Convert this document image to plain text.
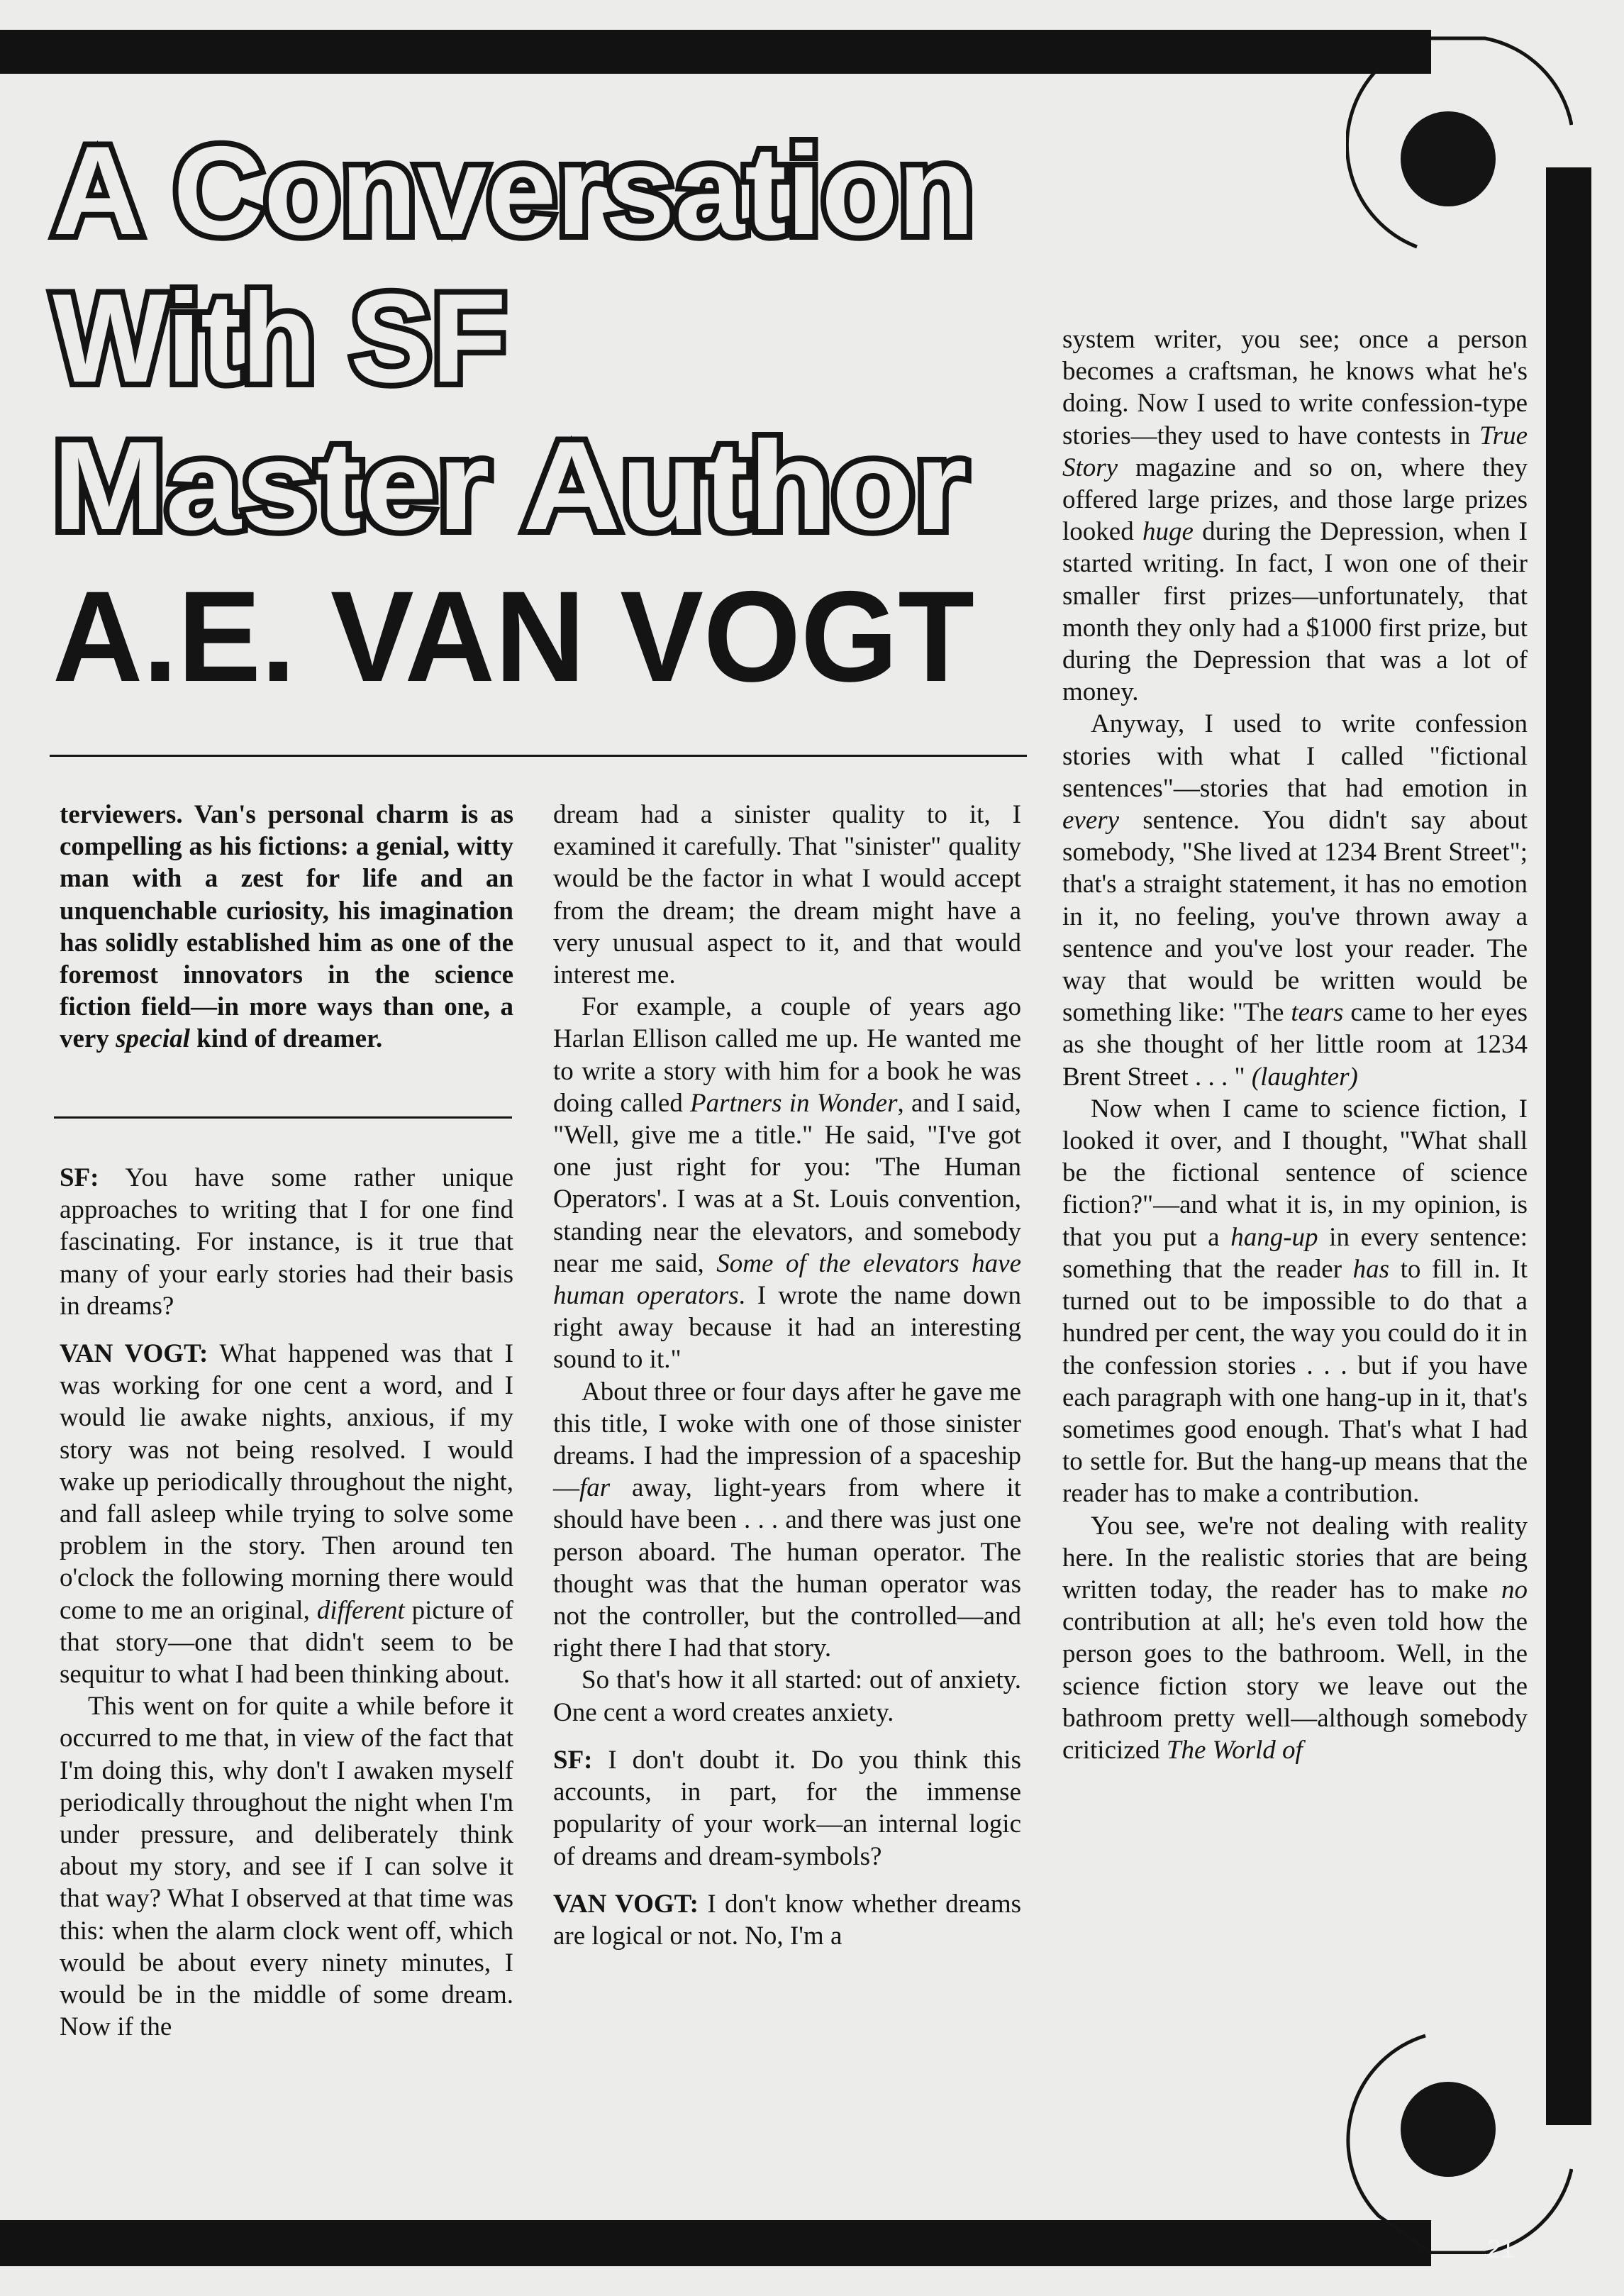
21
A Conversation
With SF
Master Author
A.E. VAN VOGT

terviewers. Van's personal charm is as compelling as his fictions: a genial, witty man with a zest for life and an unquenchable curiosity, his imagination has solidly established him as one of the foremost innovators in the science fiction field—in more ways than one, a very special kind of dreamer.

SF: You have some rather unique approaches to writing that I for one find fascinating. For instance, is it true that many of your early stories had their basis in dreams?

VAN VOGT: What happened was that I was working for one cent a word, and I would lie awake nights, anxious, if my story was not being resolved. I would wake up periodically throughout the night, and fall asleep while trying to solve some problem in the story. Then around ten o'clock the following morning there would come to me an original, different picture of that story—one that didn't seem to be sequitur to what I had been thinking about.

This went on for quite a while before it occurred to me that, in view of the fact that I'm doing this, why don't I awaken myself periodically throughout the night when I'm under pressure, and deliberately think about my story, and see if I can solve it that way? What I observed at that time was this: when the alarm clock went off, which would be about every ninety minutes, I would be in the middle of some dream. Now if the

dream had a sinister quality to it, I examined it carefully. That "sinister" quality would be the factor in what I would accept from the dream; the dream might have a very unusual aspect to it, and that would interest me.

For example, a couple of years ago Harlan Ellison called me up. He wanted me to write a story with him for a book he was doing called Partners in Wonder, and I said, "Well, give me a title." He said, "I've got one just right for you: 'The Human Operators'. I was at a St. Louis convention, standing near the elevators, and somebody near me said, Some of the elevators have human operators. I wrote the name down right away because it had an interesting sound to it."

About three or four days after he gave me this title, I woke with one of those sinister dreams. I had the impression of a spaceship—far away, light-years from where it should have been . . . and there was just one person aboard. The human operator. The thought was that the human operator was not the controller, but the controlled—and right there I had that story.

So that's how it all started: out of anxiety. One cent a word creates anxiety.

SF: I don't doubt it. Do you think this accounts, in part, for the immense popularity of your work—an internal logic of dreams and dream-symbols?

VAN VOGT: I don't know whether dreams are logical or not. No, I'm a

system writer, you see; once a person becomes a craftsman, he knows what he's doing. Now I used to write confession-type stories—they used to have contests in True Story magazine and so on, where they offered large prizes, and those large prizes looked huge during the Depression, when I started writing. In fact, I won one of their smaller first prizes—unfortunately, that month they only had a $1000 first prize, but during the Depression that was a lot of money.

Anyway, I used to write confession stories with what I called "fictional sentences"—stories that had emotion in every sentence. You didn't say about somebody, "She lived at 1234 Brent Street"; that's a straight statement, it has no emotion in it, no feeling, you've thrown away a sentence and you've lost your reader. The way that would be written would be something like: "The tears came to her eyes as she thought of her little room at 1234 Brent Street . . . " (laughter)

Now when I came to science fiction, I looked it over, and I thought, "What shall be the fictional sentence of science fiction?"—and what it is, in my opinion, is that you put a hang-up in every sentence: something that the reader has to fill in. It turned out to be impossible to do that a hundred per cent, the way you could do it in the confession stories . . . but if you have each paragraph with one hang-up in it, that's sometimes good enough. That's what I had to settle for. But the hang-up means that the reader has to make a contribution.

You see, we're not dealing with reality here. In the realistic stories that are being written today, the reader has to make no contribution at all; he's even told how the person goes to the bathroom. Well, in the science fiction story we leave out the bathroom pretty well—although somebody criticized The World of
